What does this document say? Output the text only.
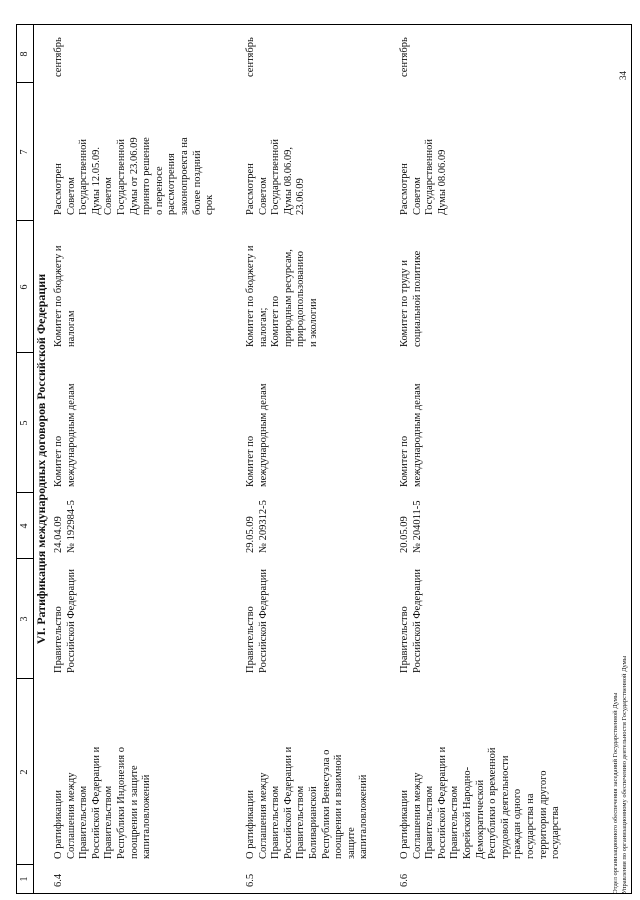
1
2
3
4
5
6
7
8
VI. Ратификация международных договоров Российской Федерации
6.4
О ратификации
Соглашения между
Правительством
Российской Федерации и
Правительством
Республики Индонезия о
поощрении и защите
капиталовложений
Правительство
Российской Федерации
24.04.09
№ 192984-5
Комитет по
международным делам
Комитет по бюджету и
налогам
Рассмотрен
Советом
Государственной
Думы 12.05.09.
Советом
Государственной
Думы от 23.06.09
принято решение
о переносе
рассмотрения
законопроекта на
более поздний
срок
сентябрь
6.5
О ратификации
Соглашения между
Правительством
Российской Федерации и
Правительством
Боливарианской
Республики Венесуэла о
поощрении и взаимной
защите
капиталовложений
Правительство
Российской Федерации
29.05.09
№ 209312-5
Комитет по
международным делам
Комитет по бюджету и
налогам;
Комитет по
природным ресурсам,
природопользованию
и экологии
Рассмотрен
Советом
Государственной
Думы 08.06.09,
23.06.09
сентябрь
6.6
О ратификации
Соглашения между
Правительством
Российской Федерации и
Правительством
Корейской Народно-
Демократической
Республики о временной
трудовой деятельности
граждан одного
государства на
территории другого
государства
Правительство
Российской Федерации
20.05.09
№ 204011-5
Комитет по
международным делам
Комитет по труду и
социальной политике
Рассмотрен
Советом
Государственной
Думы 08.06.09
сентябрь
Отдел организационного обеспечения заседаний Государственной Думы Управления по организационному обеспечению деятельности Государственной Думы
34
